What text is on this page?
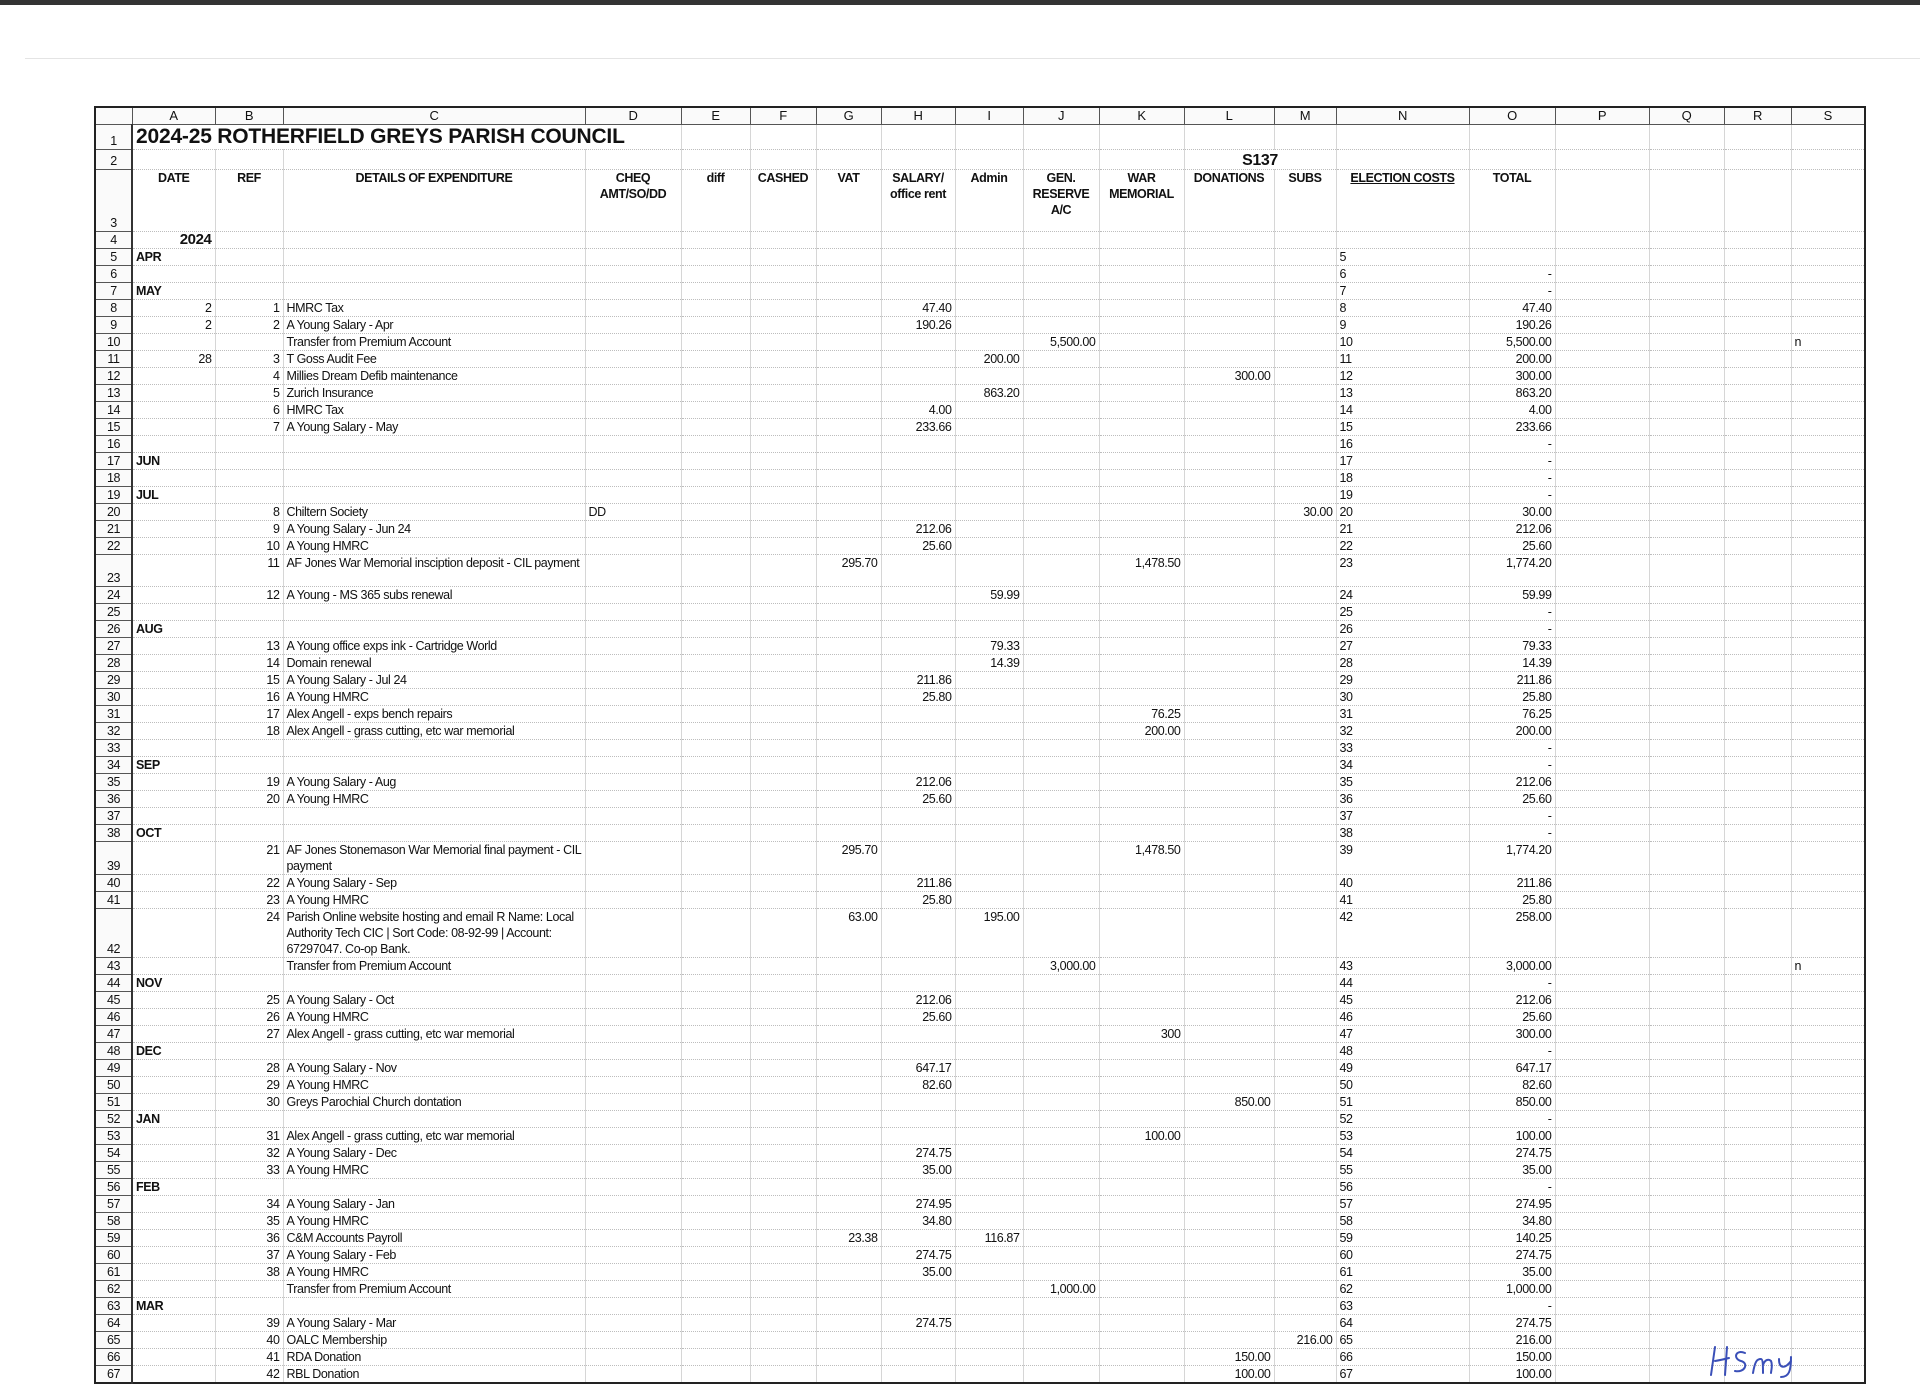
	A	B	C	D	E	F	G	H	I	J	K	L	M	N	O	P	Q	R	S
1	2024-25 ROTHERFIELD GREYS PARISH COUNCIL																		
2												S137							
3	DATE	REF	DETAILS OF EXPENDITURE	CHEQ AMT/SO/DD	diff	CASHED	VAT	SALARY/ office rent	Admin	GEN. RESERVE A/C	WAR MEMORIAL	DONATIONS	SUBS	ELECTION COSTS	TOTAL				
4	2024																		
5	APR													5					
6														6	-				
7	MAY													7	-				
8	2	1	HMRC Tax					47.40						8	47.40				
9	2	2	A Young Salary - Apr					190.26						9	190.26				
10			Transfer from Premium Account							5,500.00				10	5,500.00				n
11	28	3	T Goss Audit Fee						200.00					11	200.00				
12		4	Millies Dream Defib maintenance									300.00		12	300.00				
13		5	Zurich Insurance						863.20					13	863.20				
14		6	HMRC Tax					4.00						14	4.00				
15		7	A Young Salary - May					233.66						15	233.66				
16														16	-				
17	JUN													17	-				
18														18	-				
19	JUL													19	-				
20		8	Chiltern Society	DD									30.00	20	30.00				
21		9	A Young Salary - Jun 24					212.06						21	212.06				
22		10	A Young HMRC					25.60						22	25.60				
23		11	AF Jones War Memorial insciption deposit - CIL payment				295.70				1,478.50			23	1,774.20				
24		12	A Young - MS 365 subs renewal						59.99					24	59.99				
25														25	-				
26	AUG													26	-				
27		13	A Young office exps ink - Cartridge World						79.33					27	79.33				
28		14	Domain renewal						14.39					28	14.39				
29		15	A Young Salary - Jul 24					211.86						29	211.86				
30		16	A Young HMRC					25.80						30	25.80				
31		17	Alex Angell - exps bench repairs								76.25			31	76.25				
32		18	Alex Angell - grass cutting, etc war memorial								200.00			32	200.00				
33														33	-				
34	SEP													34	-				
35		19	A Young Salary - Aug					212.06						35	212.06				
36		20	A Young HMRC					25.60						36	25.60				
37														37	-				
38	OCT													38	-				
39		21	AF Jones Stonemason War Memorial final payment - CIL payment				295.70				1,478.50			39	1,774.20				
40		22	A Young Salary - Sep					211.86						40	211.86				
41		23	A Young HMRC					25.80						41	25.80				
42		24	Parish Online website hosting and email R Name: Local Authority Tech CIC | Sort Code: 08-92-99 | Account: 67297047. Co-op Bank.				63.00		195.00					42	258.00				
43			Transfer from Premium Account							3,000.00				43	3,000.00				n
44	NOV													44	-				
45		25	A Young Salary - Oct					212.06						45	212.06				
46		26	A Young HMRC					25.60						46	25.60				
47		27	Alex Angell - grass cutting, etc war memorial								300			47	300.00				
48	DEC													48	-				
49		28	A Young Salary - Nov					647.17						49	647.17				
50		29	A Young HMRC					82.60						50	82.60				
51		30	Greys Parochial Church dontation									850.00		51	850.00				
52	JAN													52	-				
53		31	Alex Angell - grass cutting, etc war memorial								100.00			53	100.00				
54		32	A Young Salary - Dec					274.75						54	274.75				
55		33	A Young HMRC					35.00						55	35.00				
56	FEB													56	-				
57		34	A Young Salary - Jan					274.95						57	274.95				
58		35	A Young HMRC					34.80						58	34.80				
59		36	C&M Accounts Payroll				23.38		116.87					59	140.25				
60		37	A Young Salary - Feb					274.75						60	274.75				
61		38	A Young HMRC					35.00						61	35.00				
62			Transfer from Premium Account							1,000.00				62	1,000.00				
63	MAR													63	-				
64		39	A Young Salary - Mar					274.75						64	274.75				
65		40	OALC Membership										216.00	65	216.00				
66		41	RDA Donation									150.00		66	150.00				
67		42	RBL Donation									100.00		67	100.00				
